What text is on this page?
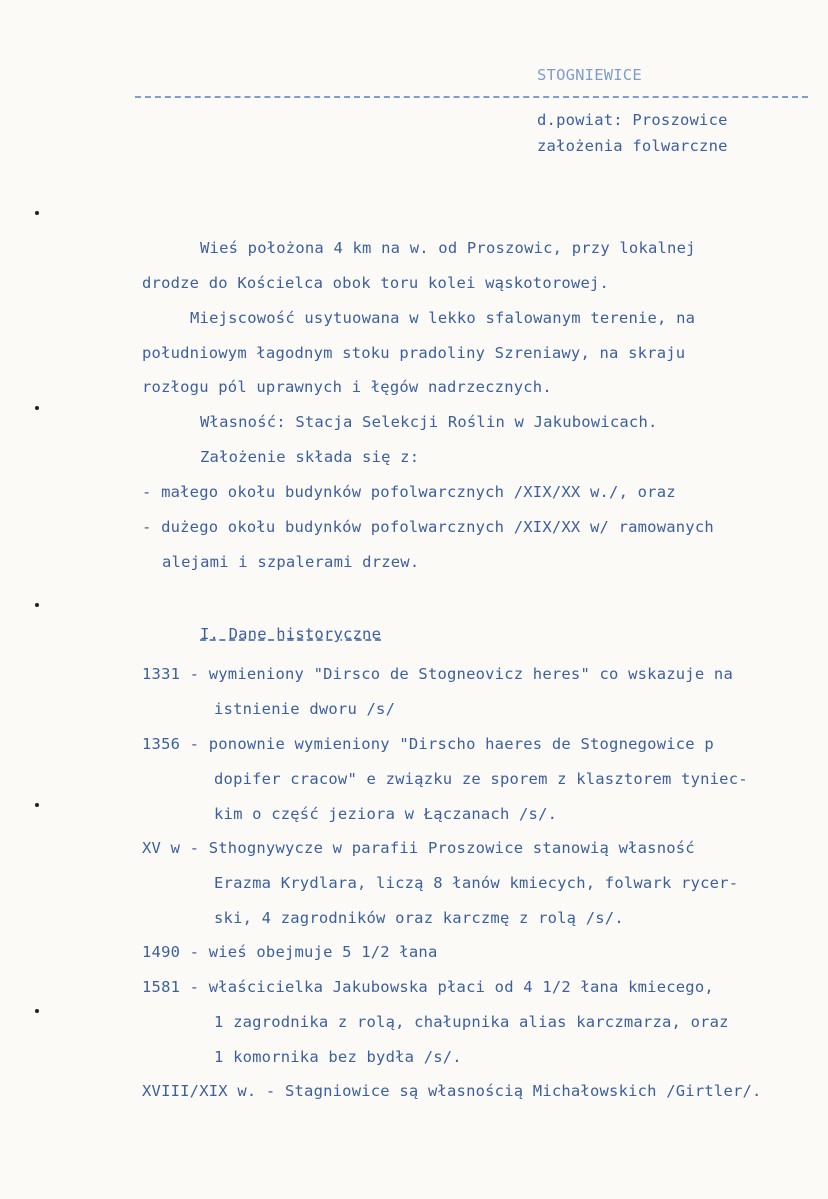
STOGNIEWICE
d.powiat: Proszowice
założenia folwarczne
Wieś położona 4 km na w. od Proszowic, przy lokalnej
drodze do Kościelca obok toru kolei wąskotorowej.
Miejscowość usytuowana w lekko sfalowanym terenie, na
południowym łagodnym stoku pradoliny Szreniawy, na skraju
rozłogu pól uprawnych i łęgów nadrzecznych.
Własność: Stacja Selekcji Roślin w Jakubowicach.
Założenie składa się z:
- małego okołu budynków pofolwarcznych /XIX/XX w./, oraz
- dużego okołu budynków pofolwarcznych /XIX/XX w/ ramowanych
alejami i szpalerami drzew.
I. Dane historyczne
1331 - wymieniony "Dirsco de Stogneovicz heres" co wskazuje na
istnienie dworu /s/
1356 - ponownie wymieniony "Dirscho haeres de Stognegowice p
dopifer cracow" e związku ze sporem z klasztorem tyniec-
kim o część jeziora w Łączanach /s/.
XV w - Sthognywycze w parafii Proszowice stanowią własność
Erazma Krydlara, liczą 8 łanów kmiecych, folwark rycer-
ski, 4 zagrodników oraz karczmę z rolą /s/.
1490 - wieś obejmuje 5 1/2 łana
1581 - właścicielka Jakubowska płaci od 4 1/2 łana kmiecego,
1 zagrodnika z rolą, chałupnika alias karczmarza, oraz
1 komornika bez bydła /s/.
XVIII/XIX w. - Stagniowice są własnością Michałowskich /Girtler/.
